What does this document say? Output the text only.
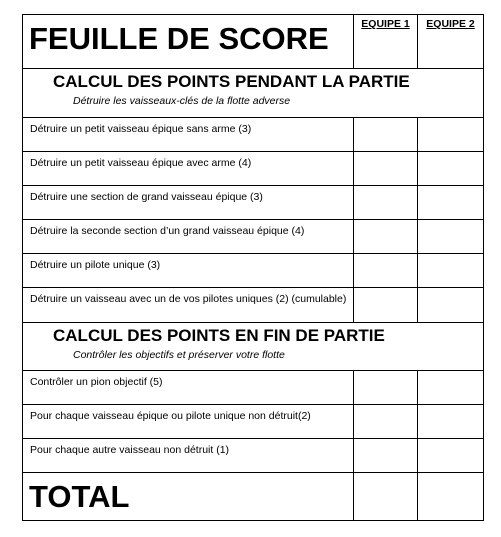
FEUILLE DE SCORE	EQUIPE 1	EQUIPE 2

CALCUL DES POINTS PENDANT LA PARTIE
Détruire les vaisseaux-clés de la flotte adverse		

Détruire un petit vaisseau épique sans arme (3)		

Détruire un petit vaisseau épique avec arme (4)		

Détruire une section de grand vaisseau épique (3)		

Détruire la seconde section d’un grand vaisseau épique (4)		

Détruire un pilote unique (3)		

Détruire un vaisseau avec un de vos pilotes uniques (2) (cumulable)		

CALCUL DES POINTS EN FIN DE PARTIE
Contrôler les objectifs et préserver votre flotte		

Contrôler un pion objectif (5)		

Pour chaque vaisseau épique ou pilote unique non détruit(2)		

Pour chaque autre vaisseau non détruit (1)		

TOTAL		
